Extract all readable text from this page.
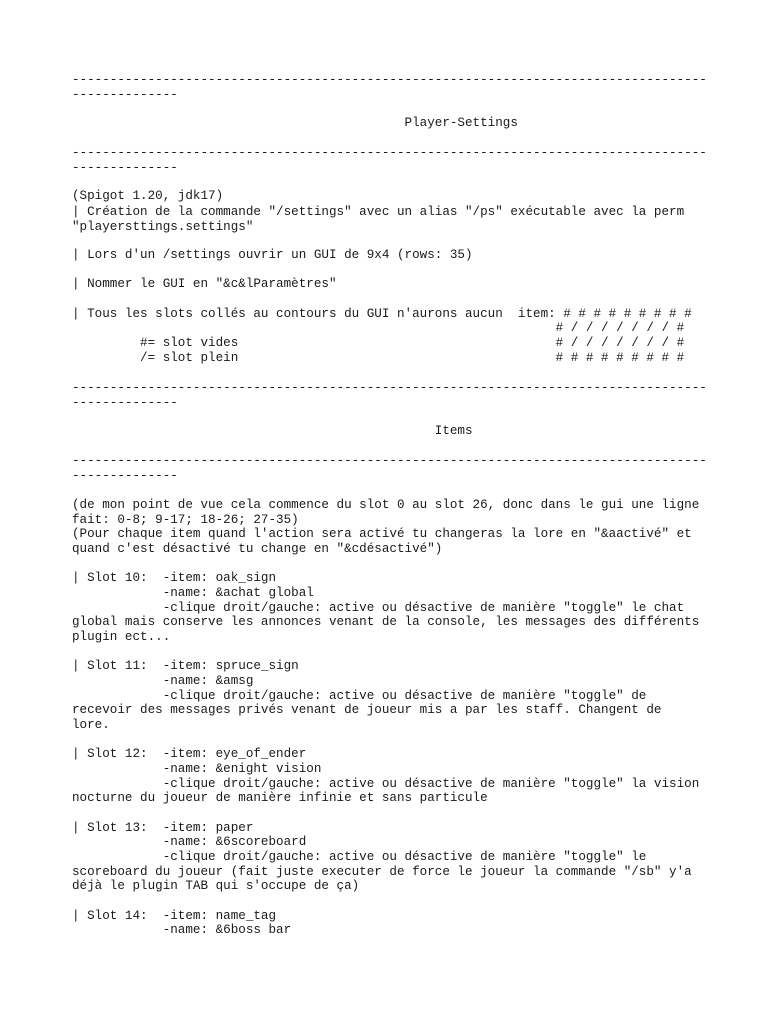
------------------------------------------------------------------------------------

--------------

Player-Settings

------------------------------------------------------------------------------------

--------------

(Spigot 1.20, jdk17)

| Création de la commande "/settings" avec un alias "/ps" exécutable avec la perm

"playersttings.settings"

| Lors d'un /settings ouvrir un GUI de 9x4 (rows: 35)

| Nommer le GUI en "&c&lParamètres"

| Tous les slots collés au contours du GUI n'aurons aucun  item: # # # # # # # # #

# / / / / / / / #

#= slot vides                                          # / / / / / / / #

/= slot plein                                          # # # # # # # # #

------------------------------------------------------------------------------------

--------------

Items

------------------------------------------------------------------------------------

--------------

(de mon point de vue cela commence du slot 0 au slot 26, donc dans le gui une ligne

fait: 0-8; 9-17; 18-26; 27-35)

(Pour chaque item quand l'action sera activé tu changeras la lore en "&aactivé" et

quand c'est désactivé tu change en "&cdésactivé")

| Slot 10:  -item: oak_sign

-name: &achat global

-clique droit/gauche: active ou désactive de manière "toggle" le chat

global mais conserve les annonces venant de la console, les messages des différents

plugin ect...

| Slot 11:  -item: spruce_sign

-name: &amsg

-clique droit/gauche: active ou désactive de manière "toggle" de

recevoir des messages privés venant de joueur mis a par les staff. Changent de

lore.

| Slot 12:  -item: eye_of_ender

-name: &enight vision

-clique droit/gauche: active ou désactive de manière "toggle" la vision

nocturne du joueur de manière infinie et sans particule

| Slot 13:  -item: paper

-name: &6scoreboard

-clique droit/gauche: active ou désactive de manière "toggle" le

scoreboard du joueur (fait juste executer de force le joueur la commande "/sb" y'a

déjà le plugin TAB qui s'occupe de ça)

| Slot 14:  -item: name_tag

-name: &6boss bar
